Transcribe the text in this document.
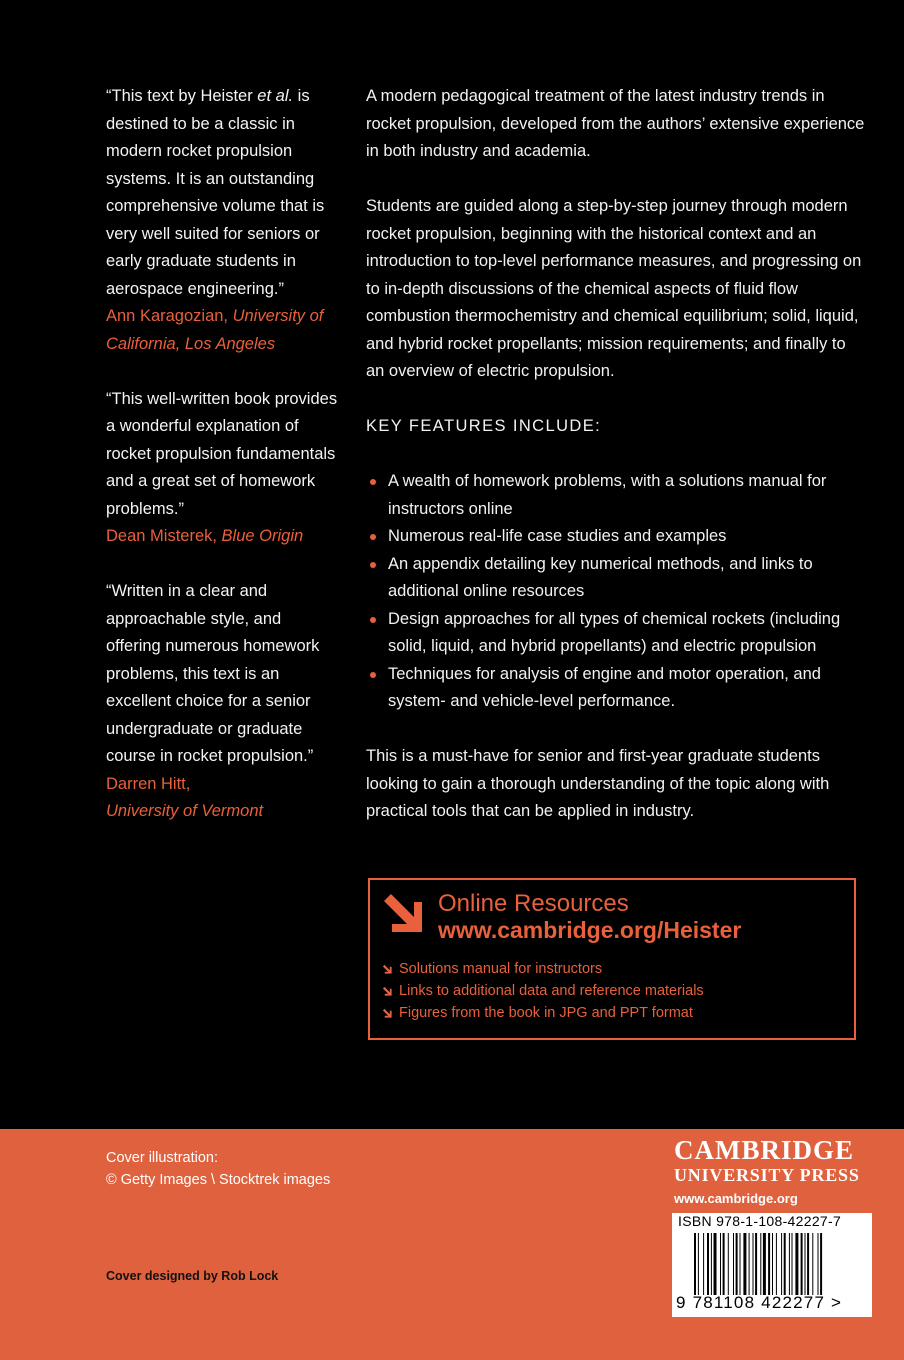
“This text by Heister et al. is destined to be a classic in modern rocket propulsion systems. It is an outstanding comprehensive volume that is very well suited for seniors or early graduate students in aerospace engineering.”

Ann Karagozian, University of California, Los Angeles

“This well-written book provides a wonderful explanation of rocket propulsion fundamentals and a great set of homework problems.”

Dean Misterek, Blue Origin

“Written in a clear and approachable style, and offering numerous homework problems, this text is an excellent choice for a senior undergraduate or graduate course in rocket propulsion.”

Darren Hitt,
University of Vermont

A modern pedagogical treatment of the latest industry trends in rocket propulsion, developed from the authors’ extensive experience in both industry and academia.

Students are guided along a step-by-step journey through modern rocket propulsion, beginning with the historical context and an introduction to top-level performance measures, and progressing on to in-depth discussions of the chemical aspects of fluid flow combustion thermochemistry and chemical equilibrium; solid, liquid, and hybrid rocket propellants; mission requirements; and finally to an overview of electric propulsion.

KEY FEATURES INCLUDE:

A wealth of homework problems, with a solutions manual for instructors online
Numerous real-life case studies and examples
An appendix detailing key numerical methods, and links to additional online resources
Design approaches for all types of chemical rockets (including solid, liquid, and hybrid propellants) and electric propulsion
Techniques for analysis of engine and motor operation, and system- and vehicle-level performance.

This is a must-have for senior and first-year graduate students looking to gain a thorough understanding of the topic along with practical tools that can be applied in industry.

Online Resources
www.cambridge.org/Heister
Solutions manual for instructors
Links to additional data and reference materials
Figures from the book in JPG and PPT format
Cover illustration:
© Getty Images \ Stocktrek images
Cover designed by Rob Lock
CAMBRIDGE
UNIVERSITY PRESS
www.cambridge.org
ISBN 978-1-108-42227-7
9 781108 422277 >
